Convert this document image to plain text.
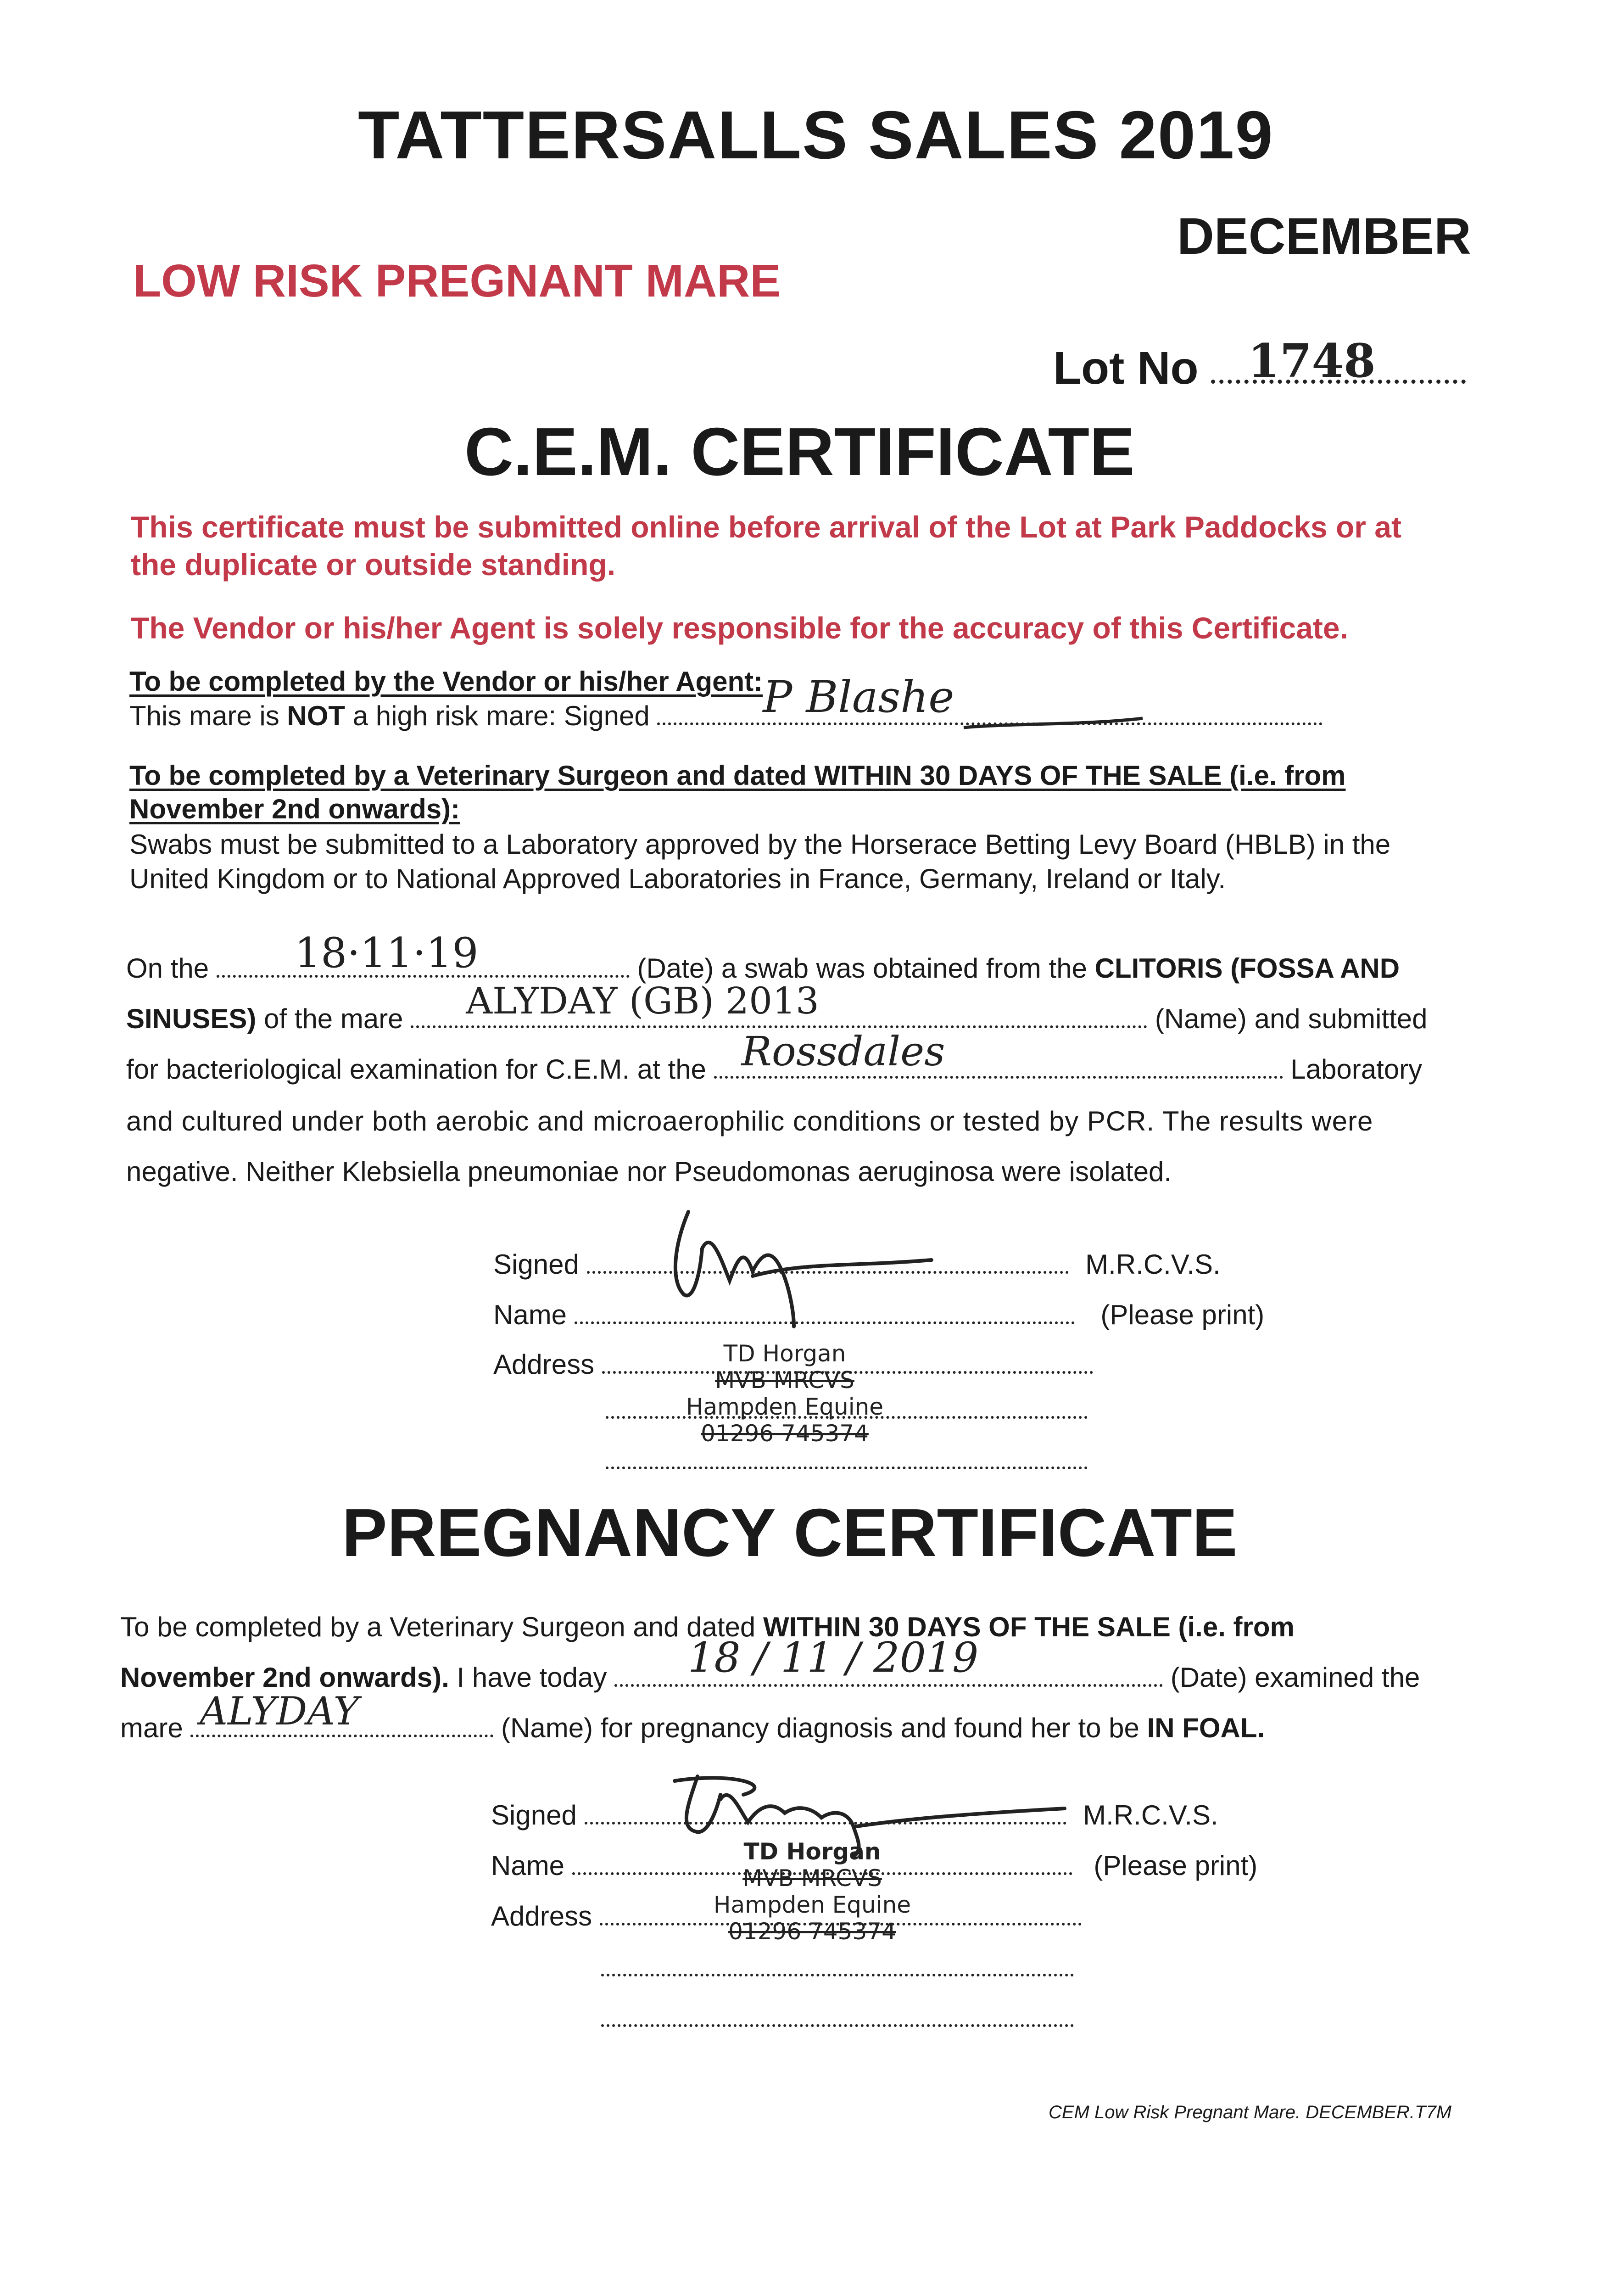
TATTERSALLS SALES 2019
DECEMBER
LOW RISK PREGNANT MARE
Lot No 1748
C.E.M. CERTIFICATE
This certificate must be submitted online before arrival of the Lot at Park Paddocks or at
the duplicate or outside standing.
The Vendor or his/her Agent is solely responsible for the accuracy of this Certificate.
To be completed by the Vendor or his/her Agent:
This mare is NOT a high risk mare: Signed	P Blashe
To be completed by a Veterinary Surgeon and dated WITHIN 30 DAYS OF THE SALE (i.e. from
November 2nd onwards):
Swabs must be submitted to a Laboratory approved by the Horserace Betting Levy Board (HBLB) in the
United Kingdom or to National Approved Laboratories in France, Germany, Ireland or Italy.
On the 18·11·19	(Date) a swab was obtained from the CLITORIS (FOSSA AND
SINUSES) of the mare ALYDAY (GB) 2013	(Name) and submitted
for bacteriological examination for C.E.M. at the Rossdales	Laboratory
and cultured under both aerobic and microaerophilic conditions or tested by PCR. The results were
negative. Neither Klebsiella pneumoniae nor Pseudomonas aeruginosa were isolated.
Signed	M.R.C.V.S.
Name	(Please print)
Address	TD Horgan
MVB MRCVS
Hampden Equine
01296 745374
PREGNANCY CERTIFICATE
To be completed by a Veterinary Surgeon and dated WITHIN 30 DAYS OF THE SALE (i.e. from
November 2nd onwards). I have today 18 / 11 / 2019	(Date) examined the
mare ALYDAY	(Name) for pregnancy diagnosis and found her to be IN FOAL.
Signed	M.R.C.V.S.
Name	(Please print)
Address
TD Horgan
MVB MRCVS
Hampden Equine
01296 745374
CEM Low Risk Pregnant Mare. DECEMBER.T7M
